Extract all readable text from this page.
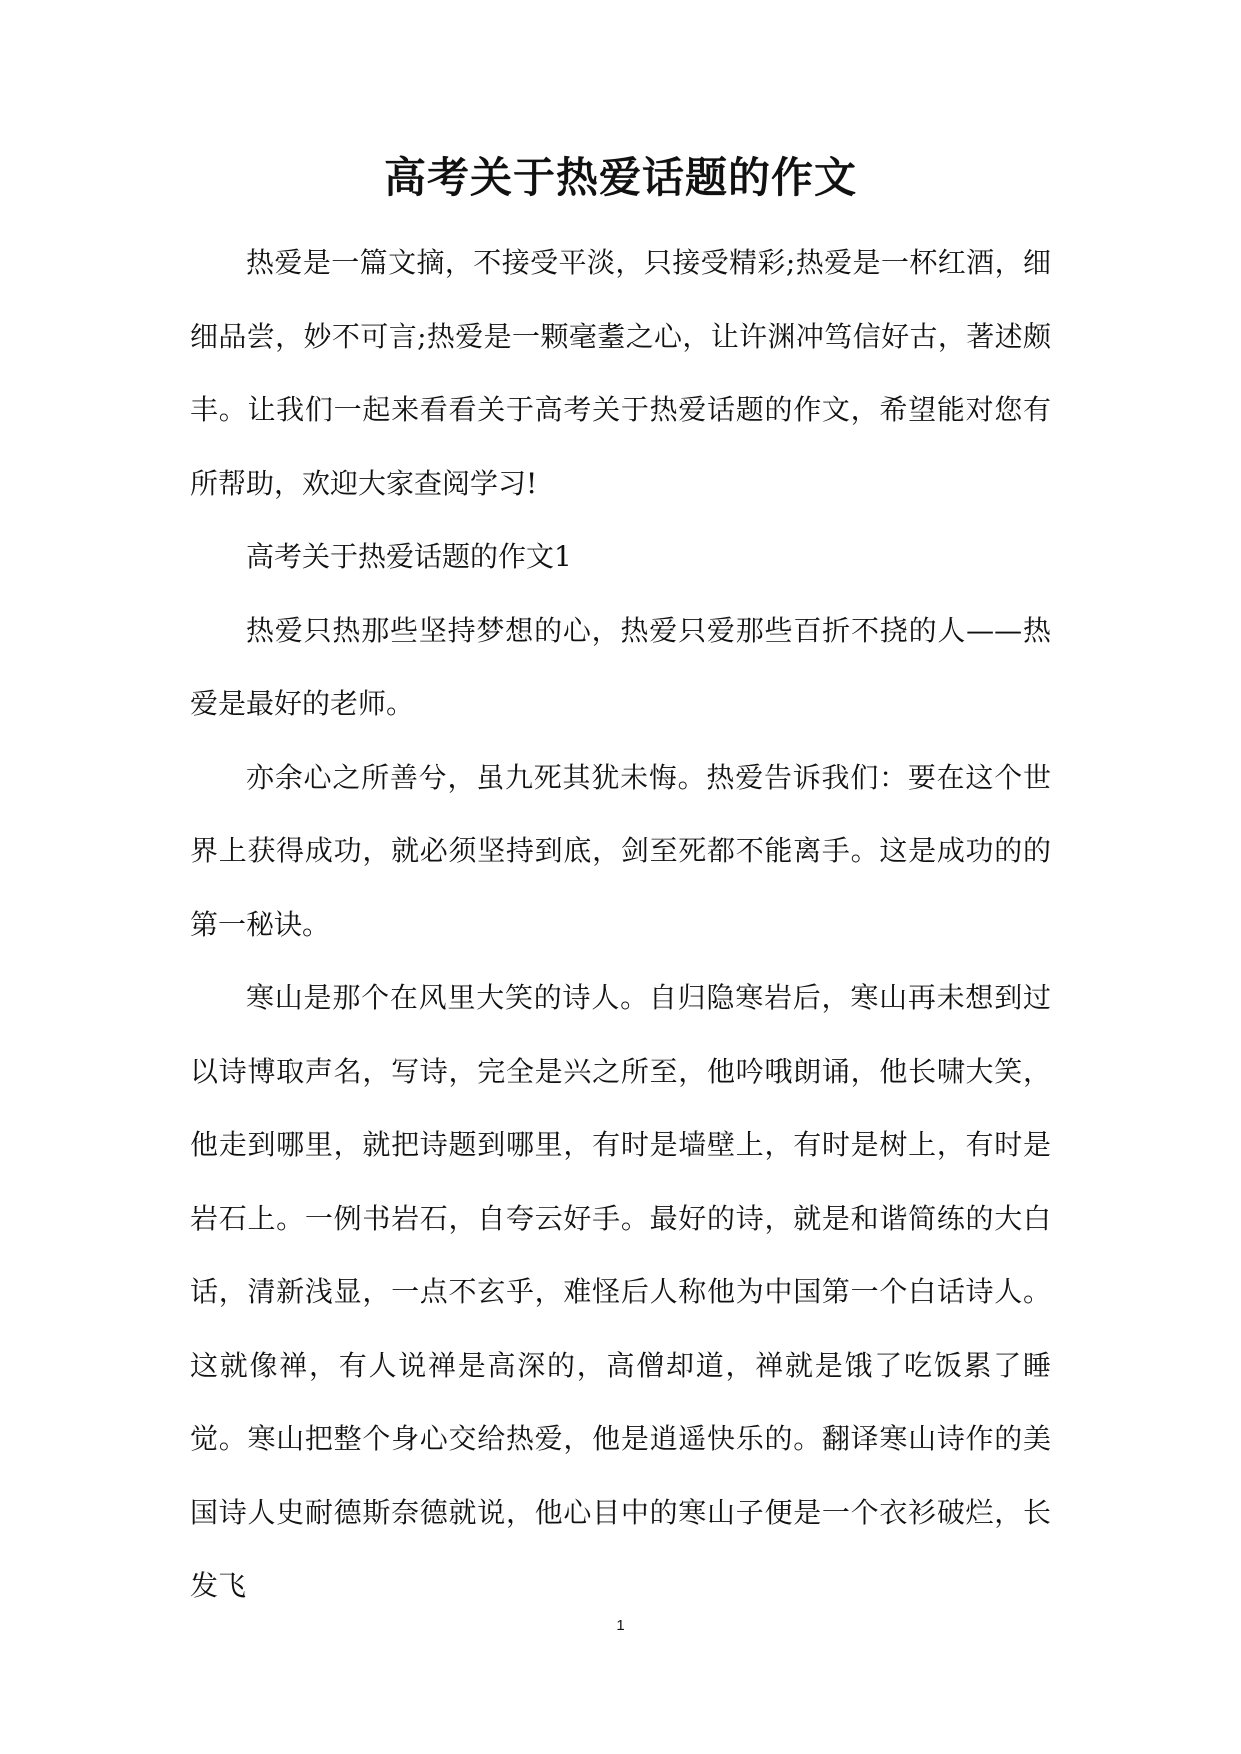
高考关于热爱话题的作文

热爱是一篇文摘，不接受平淡，只接受精彩;热爱是一杯红酒，细细品尝，妙不可言;热爱是一颗毫耋之心，让许渊冲笃信好古，著述颇丰。让我们一起来看看关于高考关于热爱话题的作文，希望能对您有所帮助，欢迎大家查阅学习!

高考关于热爱话题的作文1

热爱只热那些坚持梦想的心，热爱只爱那些百折不挠的人——热爱是最好的老师。

亦余心之所善兮，虽九死其犹未悔。热爱告诉我们：要在这个世界上获得成功，就必须坚持到底，剑至死都不能离手。这是成功的的第一秘诀。

寒山是那个在风里大笑的诗人。自归隐寒岩后，寒山再未想到过以诗博取声名，写诗，完全是兴之所至，他吟哦朗诵，他长啸大笑，他走到哪里，就把诗题到哪里，有时是墙壁上，有时是树上，有时是岩石上。一例书岩石，自夸云好手。最好的诗，就是和谐简练的大白话，清新浅显，一点不玄乎，难怪后人称他为中国第一个白话诗人。这就像禅，有人说禅是高深的，高僧却道，禅就是饿了吃饭累了睡觉。寒山把整个身心交给热爱，他是逍遥快乐的。翻译寒山诗作的美国诗人史耐德斯奈德就说，他心目中的寒山子便是一个衣衫破烂，长发飞

1
